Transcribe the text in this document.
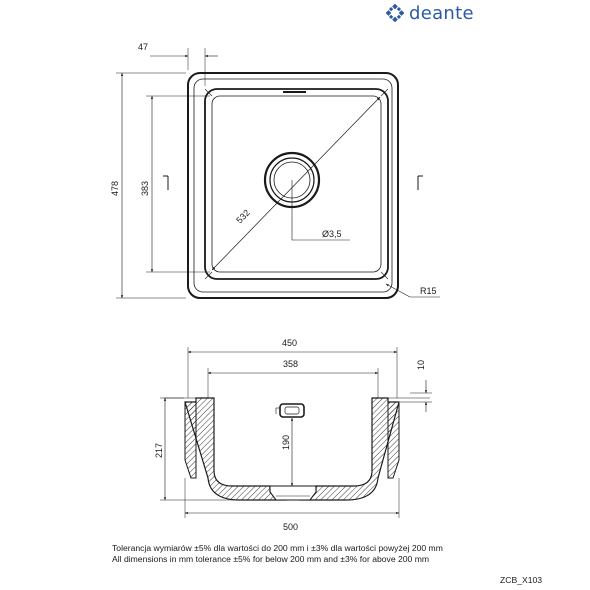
deante
47
478 383
532
Ø3,5
R15
450
358	10
217
190
500
Tolerancja wymiarów ±5% dla wartości do 200 mm i ±3% dla wartości powyżej 200 mm
All dimensions in mm tolerance ±5% for below 200 mm and ±3% for above 200 mm
ZCB_X103
